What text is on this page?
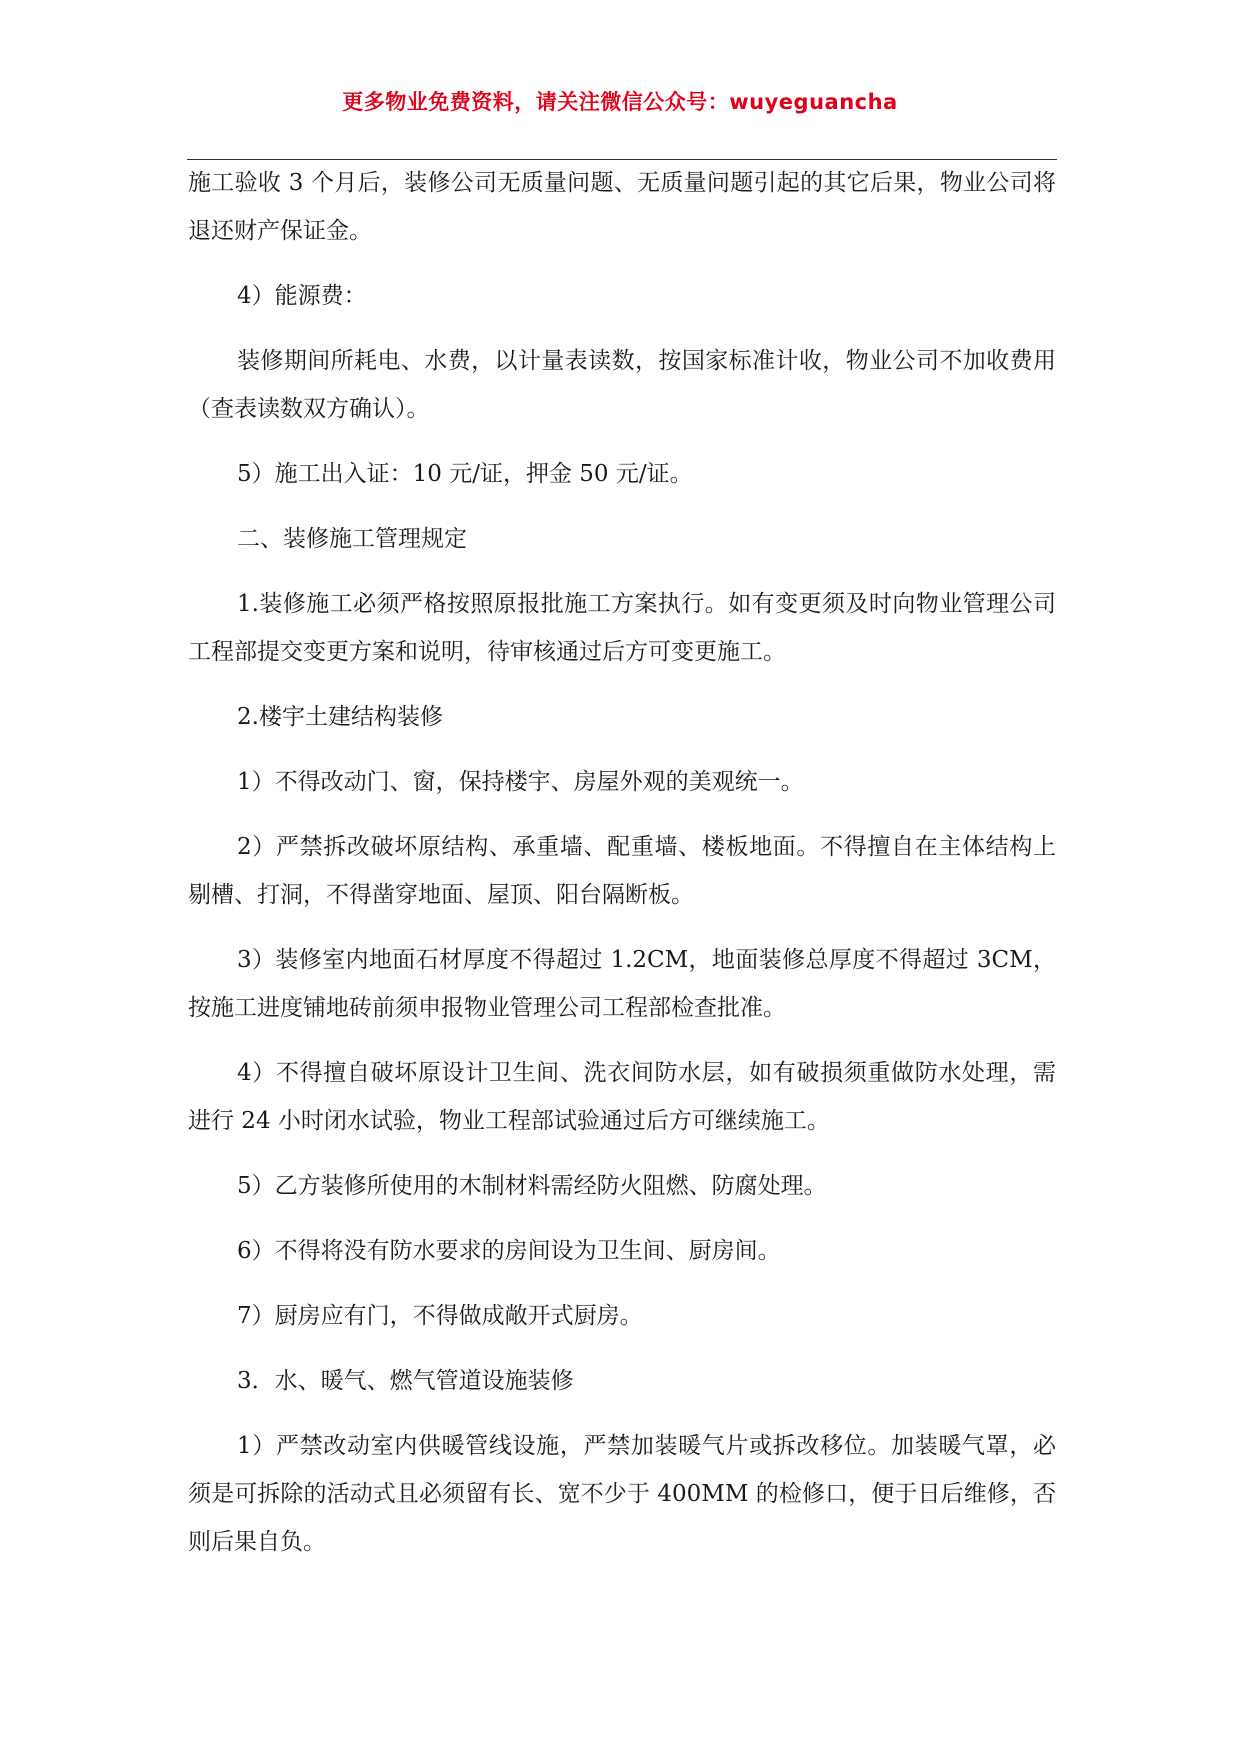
更多物业免费资料，请关注微信公众号：wuyeguancha

施工验收 3 个月后，装修公司无质量问题、无质量问题引起的其它后果，物业公司将退还财产保证金。

4）能源费：

装修期间所耗电、水费，以计量表读数，按国家标准计收，物业公司不加收费用（查表读数双方确认）。

5）施工出入证：10 元/证，押金 50 元/证。

二、装修施工管理规定

1.装修施工必须严格按照原报批施工方案执行。如有变更须及时向物业管理公司工程部提交变更方案和说明，待审核通过后方可变更施工。

2.楼宇土建结构装修

1）不得改动门、窗，保持楼宇、房屋外观的美观统一。

2）严禁拆改破坏原结构、承重墙、配重墙、楼板地面。不得擅自在主体结构上剔槽、打洞，不得凿穿地面、屋顶、阳台隔断板。

3）装修室内地面石材厚度不得超过 1.2CM，地面装修总厚度不得超过 3CM，按施工进度铺地砖前须申报物业管理公司工程部检查批准。

4）不得擅自破坏原设计卫生间、洗衣间防水层，如有破损须重做防水处理，需进行 24 小时闭水试验，物业工程部试验通过后方可继续施工。

5）乙方装修所使用的木制材料需经防火阻燃、防腐处理。

6）不得将没有防水要求的房间设为卫生间、厨房间。

7）厨房应有门，不得做成敞开式厨房。

3．水、暖气、燃气管道设施装修

1）严禁改动室内供暖管线设施，严禁加装暖气片或拆改移位。加装暖气罩，必须是可拆除的活动式且必须留有长、宽不少于 400MM 的检修口，便于日后维修，否则后果自负。
